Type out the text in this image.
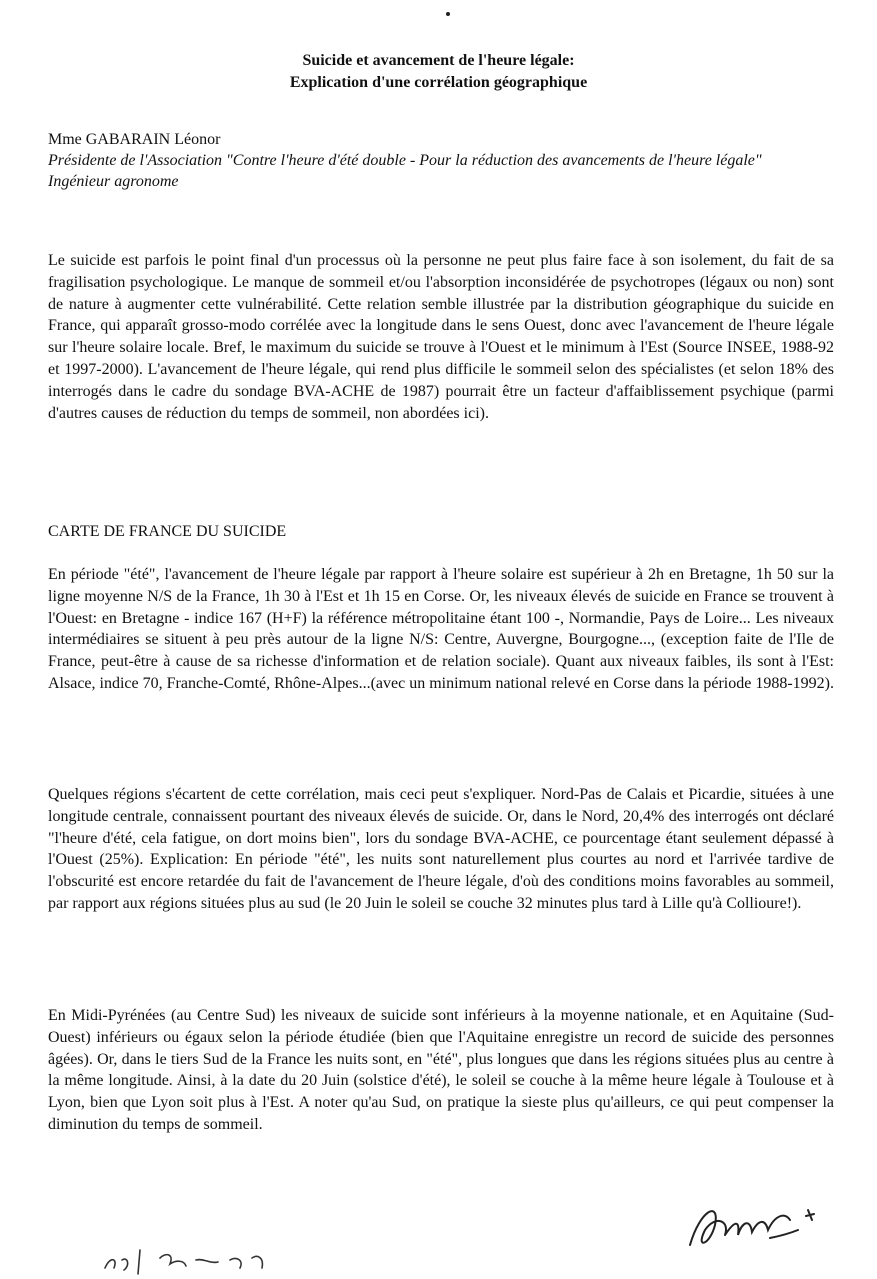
Suicide et avancement de l'heure légale:
Explication d'une corrélation géographique
Mme GABARAIN Léonor
Présidente de l'Association "Contre l'heure d'été double - Pour la réduction des avancements de l'heure légale"
Ingénieur agronome

Le suicide est parfois le point final d'un processus où la personne ne peut plus faire face à son isolement, du fait de sa fragilisation psychologique. Le manque de sommeil et/ou l'absorption inconsidérée de psychotropes (légaux ou non) sont de nature à augmenter cette vulnérabilité. Cette relation semble illustrée par la distribution géographique du suicide en France, qui apparaît grosso-modo corrélée avec la longitude dans le sens Ouest, donc avec l'avancement de l'heure légale sur l'heure solaire locale. Bref, le maximum du suicide se trouve à l'Ouest et le minimum à l'Est (Source INSEE, 1988-92 et 1997-2000). L'avancement de l'heure légale, qui rend plus difficile le sommeil selon des spécialistes (et selon 18% des interrogés dans le cadre du sondage BVA-ACHE de 1987) pourrait être un facteur d'affaiblissement psychique (parmi d'autres causes de réduction du temps de sommeil, non abordées ici).

CARTE DE FRANCE DU SUICIDE

En période "été", l'avancement de l'heure légale par rapport à l'heure solaire est supérieur à 2h en Bretagne, 1h 50 sur la ligne moyenne N/S de la France, 1h 30 à l'Est et 1h 15 en Corse. Or, les niveaux élevés de suicide en France se trouvent à l'Ouest: en Bretagne - indice 167 (H+F) la référence métropolitaine étant 100 -, Normandie, Pays de Loire... Les niveaux intermédiaires se situent à peu près autour de la ligne N/S: Centre, Auvergne, Bourgogne..., (exception faite de l'Ile de France, peut-être à cause de sa richesse d'information et de relation sociale). Quant aux niveaux faibles, ils sont à l'Est: Alsace, indice 70, Franche-Comté, Rhône-Alpes...(avec un minimum national relevé en Corse dans la période 1988-1992).

Quelques régions s'écartent de cette corrélation, mais ceci peut s'expliquer. Nord-Pas de Calais et Picardie, situées à une longitude centrale, connaissent pourtant des niveaux élevés de suicide. Or, dans le Nord, 20,4% des interrogés ont déclaré "l'heure d'été, cela fatigue, on dort moins bien", lors du sondage BVA-ACHE, ce pourcentage étant seulement dépassé à l'Ouest (25%). Explication: En période "été", les nuits sont naturellement plus courtes au nord et l'arrivée tardive de l'obscurité est encore retardée du fait de l'avancement de l'heure légale, d'où des conditions moins favorables au sommeil, par rapport aux régions situées plus au sud (le 20 Juin le soleil se couche 32 minutes plus tard à Lille qu'à Collioure!).

En Midi-Pyrénées (au Centre Sud) les niveaux de suicide sont inférieurs à la moyenne nationale, et en Aquitaine (Sud-Ouest) inférieurs ou égaux selon la période étudiée (bien que l'Aquitaine enregistre un record de suicide des personnes âgées). Or, dans le tiers Sud de la France les nuits sont, en "été", plus longues que dans les régions situées plus au centre à la même longitude. Ainsi, à la date du 20 Juin (solstice d'été), le soleil se couche à la même heure légale à Toulouse et à Lyon, bien que Lyon soit plus à l'Est. A noter qu'au Sud, on pratique la sieste plus qu'ailleurs, ce qui peut compenser la diminution du temps de sommeil.
